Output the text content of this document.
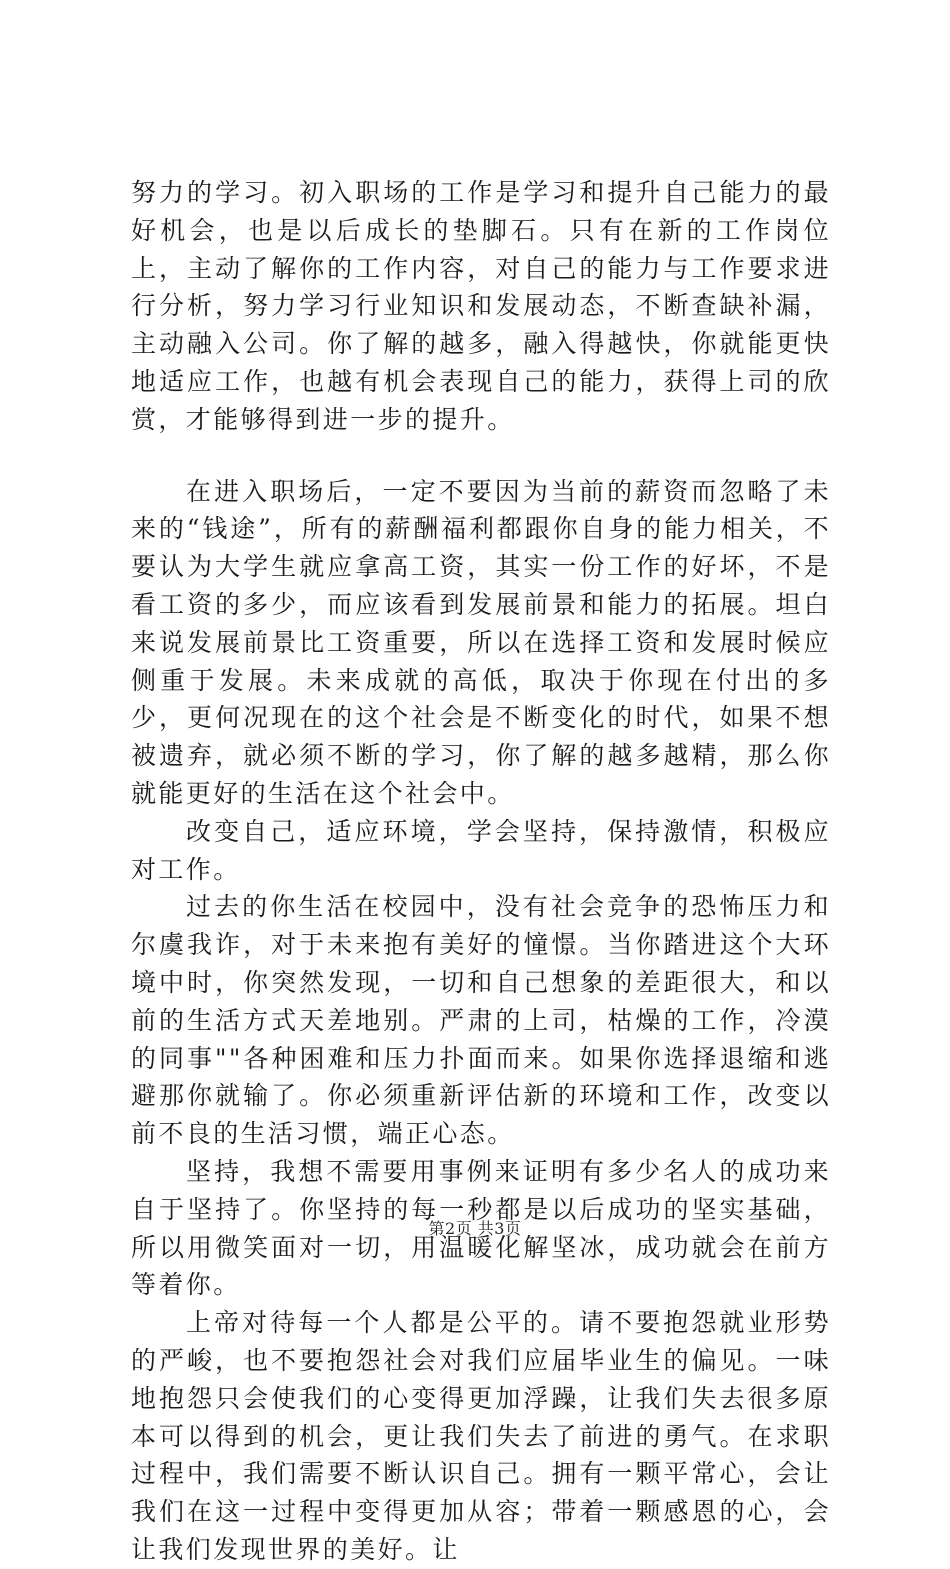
努力的学习。初入职场的工作是学习和提升自己能力的最好机会，也是以后成长的垫脚石。只有在新的工作岗位上，主动了解你的工作内容，对自己的能力与工作要求进行分析，努力学习行业知识和发展动态，不断查缺补漏，主动融入公司。你了解的越多，融入得越快，你就能更快地适应工作，也越有机会表现自己的能力，获得上司的欣赏，才能够得到进一步的提升。

在进入职场后，一定不要因为当前的薪资而忽略了未来的“钱途”，所有的薪酬福利都跟你自身的能力相关，不要认为大学生就应拿高工资，其实一份工作的好坏，不是看工资的多少，而应该看到发展前景和能力的拓展。坦白来说发展前景比工资重要，所以在选择工资和发展时候应侧重于发展。未来成就的高低，取决于你现在付出的多少，更何况现在的这个社会是不断变化的时代，如果不想被遗弃，就必须不断的学习，你了解的越多越精，那么你就能更好的生活在这个社会中。

改变自己，适应环境，学会坚持，保持激情，积极应对工作。

过去的你生活在校园中，没有社会竞争的恐怖压力和尔虞我诈，对于未来抱有美好的憧憬。当你踏进这个大环境中时，你突然发现，一切和自己想象的差距很大，和以前的生活方式天差地别。严肃的上司，枯燥的工作，冷漠的同事""各种困难和压力扑面而来。如果你选择退缩和逃避那你就输了。你必须重新评估新的环境和工作，改变以前不良的生活习惯，端正心态。

坚持，我想不需要用事例来证明有多少名人的成功来自于坚持了。你坚持的每一秒都是以后成功的坚实基础，所以用微笑面对一切，用温暖化解坚冰，成功就会在前方等着你。

上帝对待每一个人都是公平的。请不要抱怨就业形势的严峻，也不要抱怨社会对我们应届毕业生的偏见。一味地抱怨只会使我们的心变得更加浮躁，让我们失去很多原本可以得到的机会，更让我们失去了前进的勇气。在求职过程中，我们需要不断认识自己。拥有一颗平常心，会让我们在这一过程中变得更加从容；带着一颗感恩的心，会让我们发现世界的美好。让

第2页 共3页
